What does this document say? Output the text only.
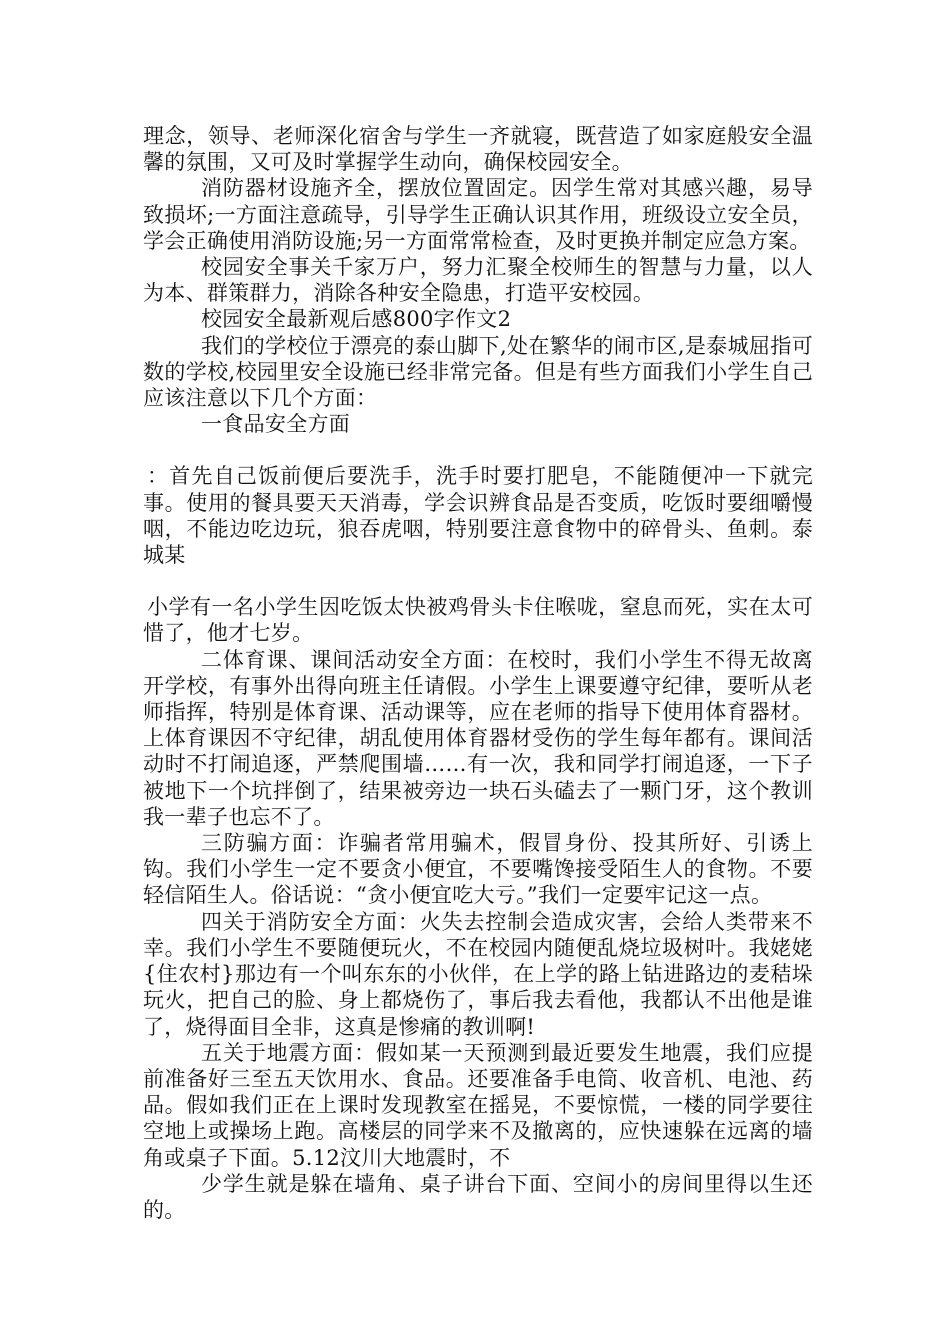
理念，领导、老师深化宿舍与学生一齐就寝，既营造了如家庭般安全温馨的氛围，又可及时掌握学生动向，确保校园安全。

消防器材设施齐全，摆放位置固定。因学生常对其感兴趣，易导致损坏;一方面注意疏导，引导学生正确认识其作用，班级设立安全员，学会正确使用消防设施;另一方面常常检查，及时更换并制定应急方案。

校园安全事关千家万户，努力汇聚全校师生的智慧与力量，以人为本、群策群力，消除各种安全隐患，打造平安校园。

校园安全最新观后感800字作文2

我们的学校位于漂亮的泰山脚下,处在繁华的闹市区,是泰城屈指可数的学校,校园里安全设施已经非常完备。但是有些方面我们小学生自己应该注意以下几个方面：

一食品安全方面

：首先自己饭前便后要洗手，洗手时要打肥皂，不能随便冲一下就完事。使用的餐具要天天消毒，学会识辨食品是否变质，吃饭时要细嚼慢咽，不能边吃边玩，狼吞虎咽，特别要注意食物中的碎骨头、鱼刺。泰城某

小学有一名小学生因吃饭太快被鸡骨头卡住喉咙，窒息而死，实在太可惜了，他才七岁。

二体育课、课间活动安全方面：在校时，我们小学生不得无故离开学校，有事外出得向班主任请假。小学生上课要遵守纪律，要听从老师指挥，特别是体育课、活动课等，应在老师的指导下使用体育器材。上体育课因不守纪律，胡乱使用体育器材受伤的学生每年都有。课间活动时不打闹追逐，严禁爬围墙……有一次，我和同学打闹追逐，一下子被地下一个坑拌倒了，结果被旁边一块石头磕去了一颗门牙，这个教训我一辈子也忘不了。

三防骗方面：诈骗者常用骗术，假冒身份、投其所好、引诱上钩。我们小学生一定不要贪小便宜，不要嘴馋接受陌生人的食物。不要轻信陌生人。俗话说：“贪小便宜吃大亏。”我们一定要牢记这一点。

四关于消防安全方面：火失去控制会造成灾害，会给人类带来不幸。我们小学生不要随便玩火，不在校园内随便乱烧垃圾树叶。我姥姥{住农村}那边有一个叫东东的小伙伴，在上学的路上钻进路边的麦秸垛玩火，把自己的脸、身上都烧伤了，事后我去看他，我都认不出他是谁了，烧得面目全非，这真是惨痛的教训啊!

五关于地震方面：假如某一天预测到最近要发生地震，我们应提前准备好三至五天饮用水、食品。还要准备手电筒、收音机、电池、药品。假如我们正在上课时发现教室在摇晃，不要惊慌，一楼的同学要往空地上或操场上跑。高楼层的同学来不及撤离的，应快速躲在远离的墙角或桌子下面。5.12汶川大地震时，不

少学生就是躲在墙角、桌子讲台下面、空间小的房间里得以生还的。
